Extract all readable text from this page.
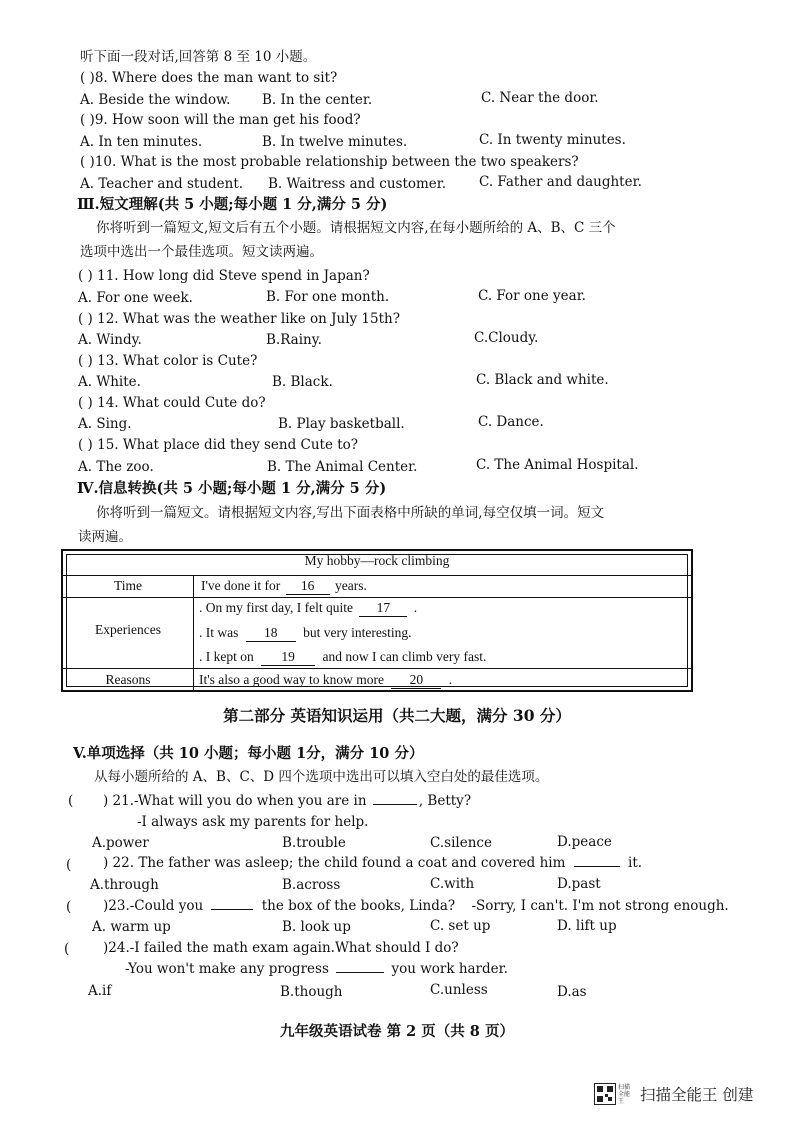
听下面一段对话,回答第 8 至 10 小题。
( )8. Where does the man want to sit?
A. Beside the window. B. In the center.	C. Near the door.
( )9. How soon will the man get his food?
A. In ten minutes.	B. In twelve minutes.	C. In twenty minutes.
( )10. What is the most probable relationship between the two speakers?
A. Teacher and student. B. Waitress and customer. C. Father and daughter.
Ⅲ.短文理解(共 5 小题;每小题 1 分,满分 5 分)
你将听到一篇短文,短文后有五个小题。请根据短文内容,在每小题所给的 A、B、C 三个
选项中选出一个最佳选项。短文读两遍。
( ) 11. How long did Steve spend in Japan?
A. For one week.	B. For one month.	C. For one year.
( ) 12. What was the weather like on July 15th?
A. Windy.	B.Rainy.	C.Cloudy.
( ) 13. What color is Cute?
A. White.	B. Black.	C. Black and white.
( ) 14. What could Cute do?
A. Sing.	B. Play basketball.	C. Dance.
( ) 15. What place did they send Cute to?
A. The zoo.	B. The Animal Center.	C. The Animal Hospital.
Ⅳ.信息转换(共 5 小题;每小题 1 分,满分 5 分)
你将听到一篇短文。请根据短文内容,写出下面表格中所缺的单词,每空仅填一词。短文
读两遍。
My hobby—rock climbing
Time	I've done it for 16 years.
Experiences
. On my first day, I felt quite 17 .
. It was 18 but very interesting.
. I kept on 19 and now I can climb very fast.
Reasons	It's also a good way to know more 20 .
第二部分 英语知识运用（共二大题，满分 30 分）
V.单项选择（共 10 小题；每小题 1分，满分 10 分）
从每小题所给的 A、B、C、D 四个选项中选出可以填入空白处的最佳选项。
( ) 21.-What will you do when you are in	, Betty?
-I always ask my parents for help.
A.power	B.trouble	C.silence	D.peace
( ) 22. The father was asleep; the child found a coat and covered him	it.
A.through	B.across	C.with	D.past
( )23.-Could you	the box of the books, Linda? -Sorry, I can't. I'm not strong enough.
A. warm up	B. look up	C. set up	D. lift up
( )24.-I failed the math exam again.What should I do?
-You won't make any progress	you work harder.
A.if	B.though	C.unless	D.as
九年级英语试卷 第 2 页（共 8 页）
扫描全能王	扫描全能王 创建
